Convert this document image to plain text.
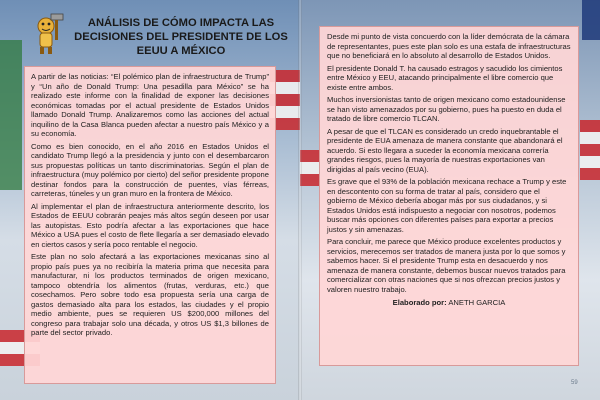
ANÁLISIS DE CÓMO IMPACTA LAS DECISIONES DEL PRESIDENTE DE LOS EEUU A MÉXICO

A partir de las noticias: “El polémico plan de infraestructura de Trump” y “Un año de Donald Trump: Una pesadilla para México” se ha realizado este informe con la finalidad de exponer las decisiones económicas tomadas por el actual presidente de Estados Unidos llamado Donald Trump. Analizaremos como las acciones del actual inquilino de la Casa Blanca pueden afectar a nuestro país México y a su economía.

Como es bien conocido, en el año 2016 en Estados Unidos el candidato Trump llegó a la presidencia y junto con el desembarcaron sus propuestas políticas un tanto discriminatorias. Según el plan de infraestructura (muy polémico por cierto) del señor presidente propone destinar fondos para la construcción de puentes, vías férreas, carreteras, túneles y un gran muro en la frontera de México.

Al implementar el plan de infraestructura anteriormente descrito, los Estados de EEUU cobrarán peajes más altos según deseen por usar las autopistas. Esto podría afectar a las exportaciones que hace México a USA pues el costo de flete llegaría a ser demasiado elevado en ciertos casos y sería poco rentable el negocio.

Este plan no solo afectará a las exportaciones mexicanas sino al propio país pues ya no recibiría la materia prima que necesita para manufacturar, ni los productos terminados de origen mexicano, tampoco obtendría los alimentos (frutas, verduras, etc.) que cosechamos. Pero sobre todo esa propuesta sería una carga de gastos demasiado alta para los estados, las ciudades y el propio medio ambiente, pues se requieren US $200,000 millones del congreso para trabajar solo una década, y otros US $1,3 billones de parte del sector privado.

Desde mi punto de vista concuerdo con la líder demócrata de la cámara de representantes, pues este plan solo es una estafa de infraestructuras que no beneficiará en lo absoluto al desarrollo de Estados Unidos.

El presidente Donald T. ha causado estragos y sacudido los cimientos entre México y EEU, atacando principalmente el libre comercio que existe entre ambos.

Muchos inversionistas tanto de origen mexicano como estadounidense se han visto amenazados por su gobierno, pues ha puesto en duda el tratado de libre comercio TLCAN.

A pesar de que el TLCAN es considerado un credo inquebrantable el presidente de EUA amenaza de manera constante que abandonará el acuerdo. Si esto llegara a suceder la economía mexicana correría grandes riesgos, pues la mayoría de nuestras exportaciones van dirigidas al país vecino (EUA).

Es grave que el 93% de la población mexicana rechace a Trump y este en descontento con su forma de tratar al país, considero que el gobierno de México debería abogar más por sus ciudadanos, y si Estados Unidos está indispuesto a negociar con nosotros, podemos buscar más opciones con diferentes países para exportar a precios justos y sin amenazas.

Para concluir, me parece que México produce excelentes productos y servicios, merecemos ser tratados de manera justa por lo que somos y sabemos hacer. Si el presidente Trump esta en desacuerdo y nos amenaza de manera constante, debemos buscar nuevos tratados para comercializar con otras naciones que si nos ofrezcan precios justos y valoren nuestro trabajo.

Elaborado por: ANETH GARCIA

59
